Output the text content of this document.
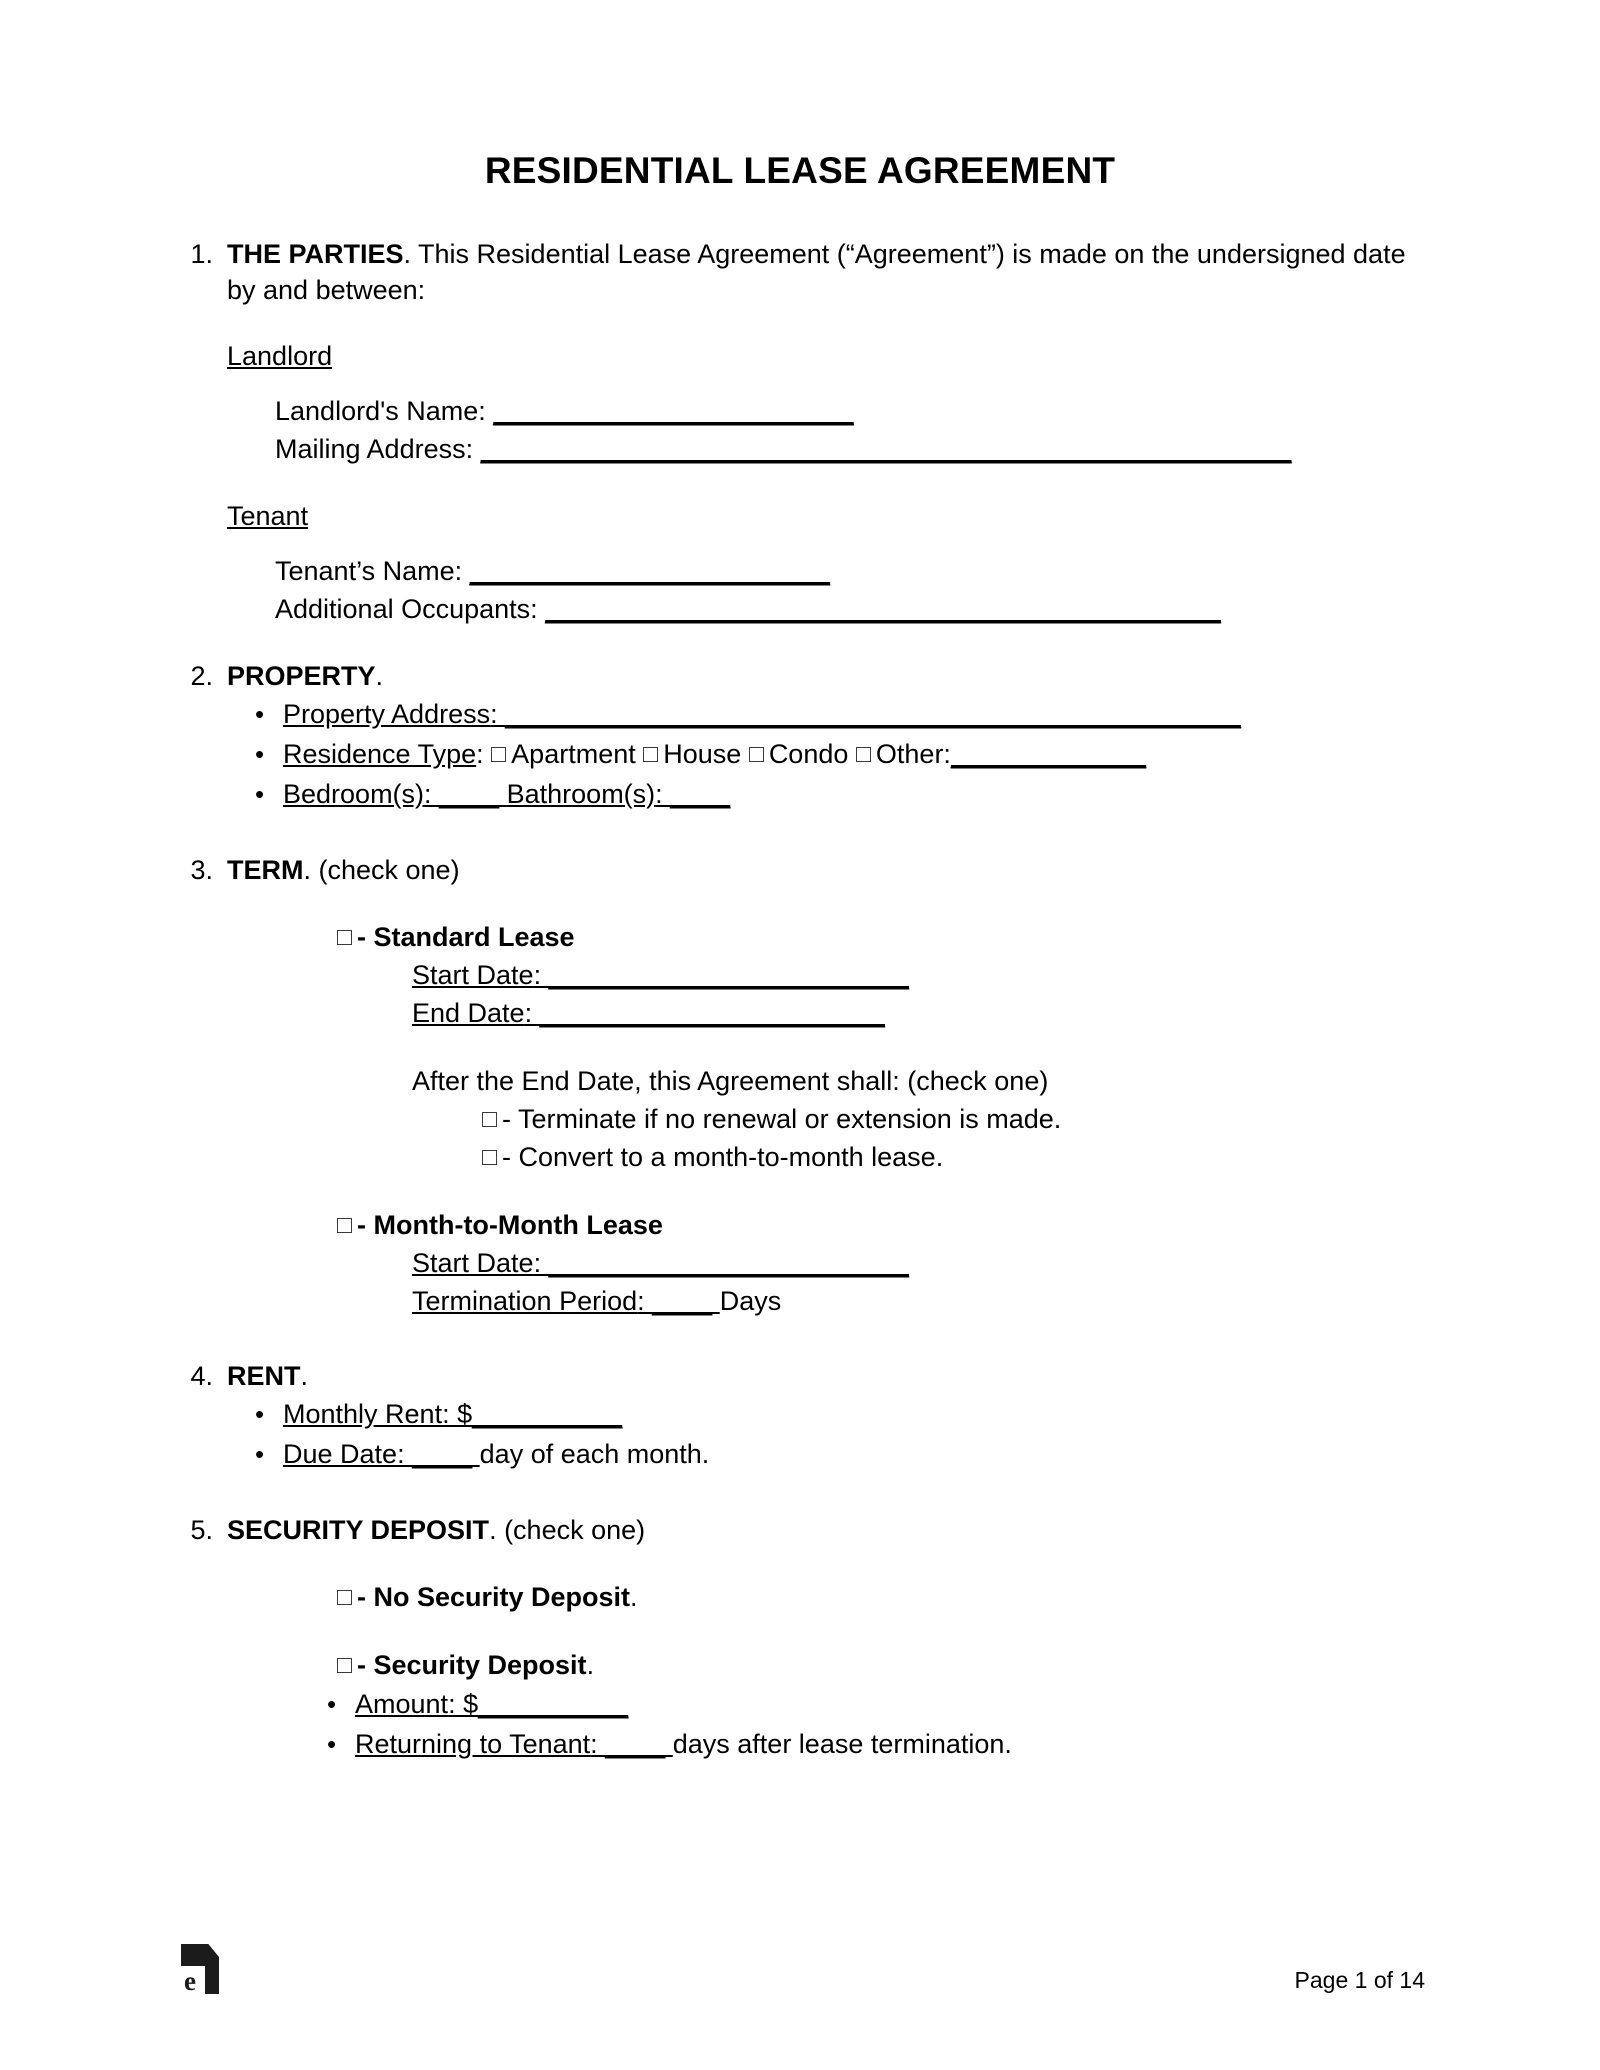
RESIDENTIAL LEASE AGREEMENT
1. THE PARTIES. This Residential Lease Agreement (“Agreement”) is made on the undersigned date by and between:
Landlord
Landlord's Name: ________________________
Mailing Address: ______________________________________________________
Tenant
Tenant’s Name: ________________________
Additional Occupants: _____________________________________________
2. PROPERTY.
• Property Address: _________________________________________________
• Residence Type: Apartment House Condo Other:_____________
• Bedroom(s): ____ Bathroom(s): ____
3. TERM. (check one)
- Standard Lease
Start Date: ________________________
End Date: _______________________
After the End Date, this Agreement shall: (check one)
- Terminate if no renewal or extension is made.
- Convert to a month-to-month lease.
- Month-to-Month Lease
Start Date: ________________________
Termination Period: ____ Days
4. RENT.
• Monthly Rent: $__________
• Due Date: ____ day of each month.
5. SECURITY DEPOSIT. (check one)
- No Security Deposit.
- Security Deposit.
• Amount: $__________
• Returning to Tenant: ____ days after lease termination.
e	Page 1 of 14
